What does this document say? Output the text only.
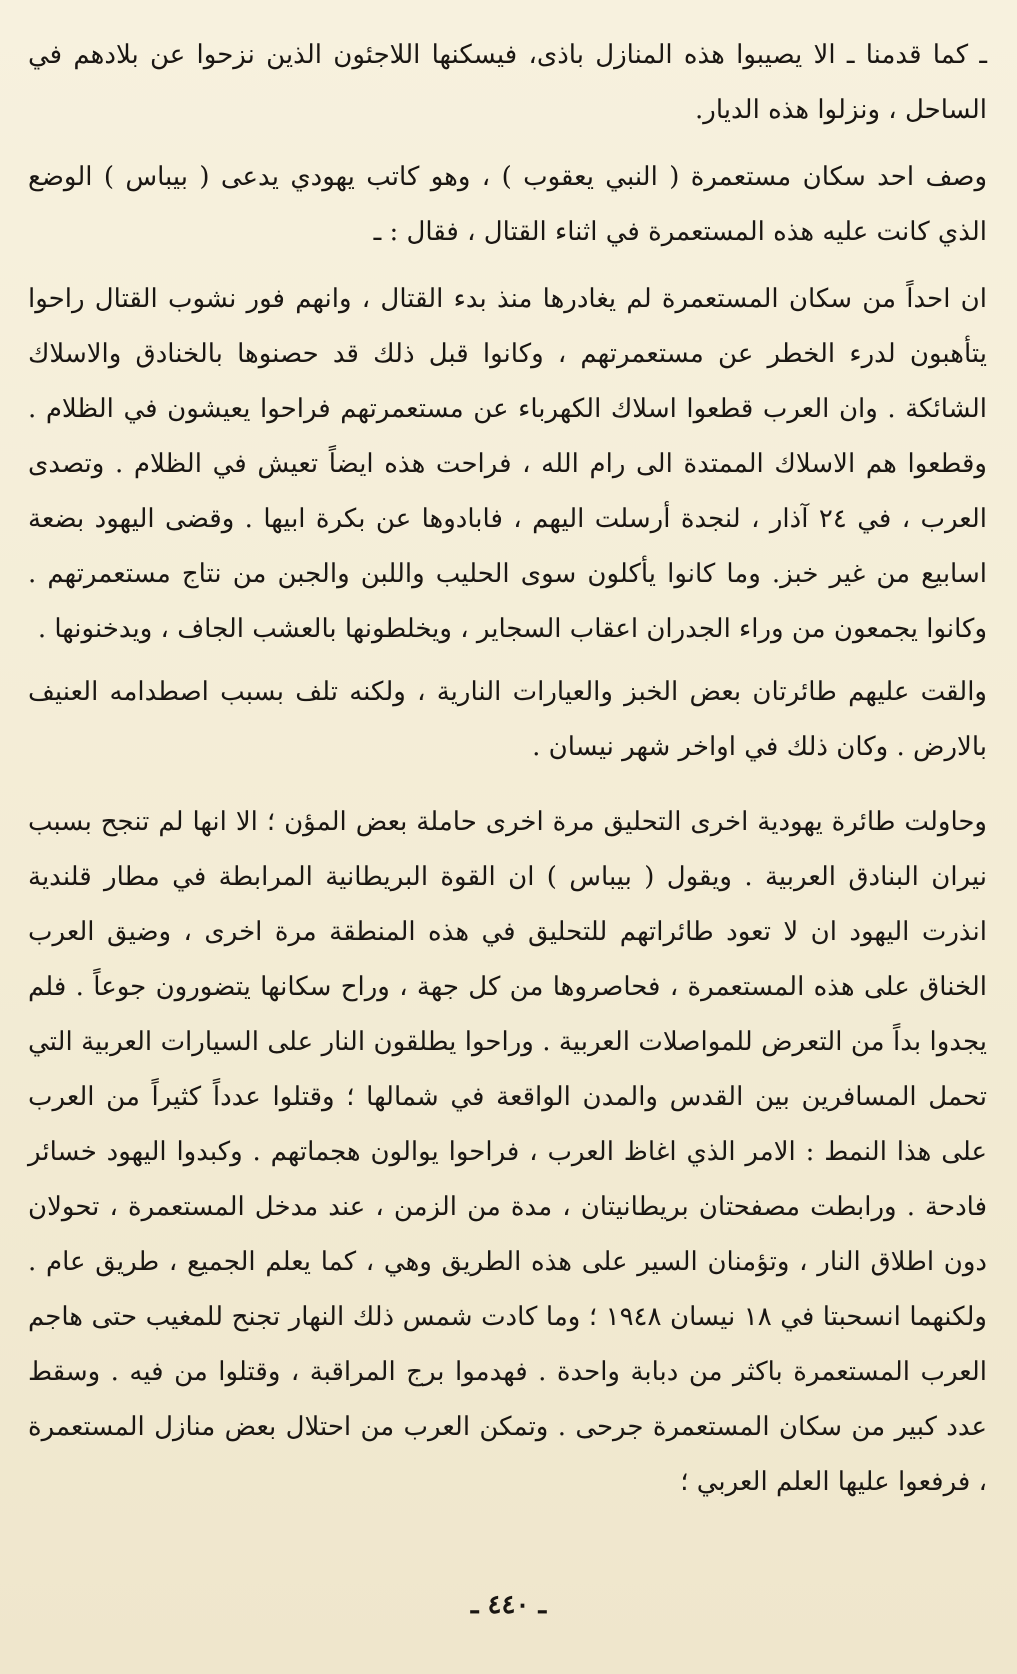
ـ كما قدمنا ـ الا يصيبوا هذه المنازل باذى، فيسكنها اللاجئون الذين نزحوا عن بلادهم في الساحل ، ونزلوا هذه الديار.

وصف احد سكان مستعمرة ( النبي يعقوب ) ، وهو كاتب يهودي يدعى ( بيباس ) الوضع الذي كانت عليه هذه المستعمرة في اثناء القتال ، فقال : ـ

ان احداً من سكان المستعمرة لم يغادرها منذ بدء القتال ، وانهم فور نشوب القتال راحوا يتأهبون لدرء الخطر عن مستعمرتهم ، وكانوا قبل ذلك قد حصنوها بالخنادق والاسلاك الشائكة . وان العرب قطعوا اسلاك الكهرباء عن مستعمرتهم فراحوا يعيشون في الظلام . وقطعوا هم الاسلاك الممتدة الى رام الله ، فراحت هذه ايضاً تعيش في الظلام . وتصدى العرب ، في ٢٤ آذار ، لنجدة أرسلت اليهم ، فابادوها عن بكرة ابيها . وقضى اليهود بضعة اسابيع من غير خبز. وما كانوا يأكلون سوى الحليب واللبن والجبن من نتاج مستعمرتهم . وكانوا يجمعون من وراء الجدران اعقاب السجاير ، ويخلطونها بالعشب الجاف ، ويدخنونها .

والقت عليهم طائرتان بعض الخبز والعيارات النارية ، ولكنه تلف بسبب اصطدامه العنيف بالارض . وكان ذلك في اواخر شهر نيسان .

وحاولت طائرة يهودية اخرى التحليق مرة اخرى حاملة بعض المؤن ؛ الا انها لم تنجح بسبب نيران البنادق العربية . ويقول ( بيباس ) ان القوة البريطانية المرابطة في مطار قلندية انذرت اليهود ان لا تعود طائراتهم للتحليق في هذه المنطقة مرة اخرى ، وضيق العرب الخناق على هذه المستعمرة ، فحاصروها من كل جهة ، وراح سكانها يتضورون جوعاً . فلم يجدوا بداً من التعرض للمواصلات العربية . وراحوا يطلقون النار على السيارات العربية التي تحمل المسافرين بين القدس والمدن الواقعة في شمالها ؛ وقتلوا عدداً كثيراً من العرب على هذا النمط : الامر الذي اغاظ العرب ، فراحوا يوالون هجماتهم . وكبدوا اليهود خسائر فادحة . ورابطت مصفحتان بريطانيتان ، مدة من الزمن ، عند مدخل المستعمرة ، تحولان دون اطلاق النار ، وتؤمنان السير على هذه الطريق وهي ، كما يعلم الجميع ، طريق عام . ولكنهما انسحبتا في ١٨ نيسان ١٩٤٨ ؛ وما كادت شمس ذلك النهار تجنح للمغيب حتى هاجم العرب المستعمرة باكثر من دبابة واحدة . فهدموا برج المراقبة ، وقتلوا من فيه . وسقط عدد كبير من سكان المستعمرة جرحى . وتمكن العرب من احتلال بعض منازل المستعمرة ، فرفعوا عليها العلم العربي ؛

ـ ٤٤٠ ـ
